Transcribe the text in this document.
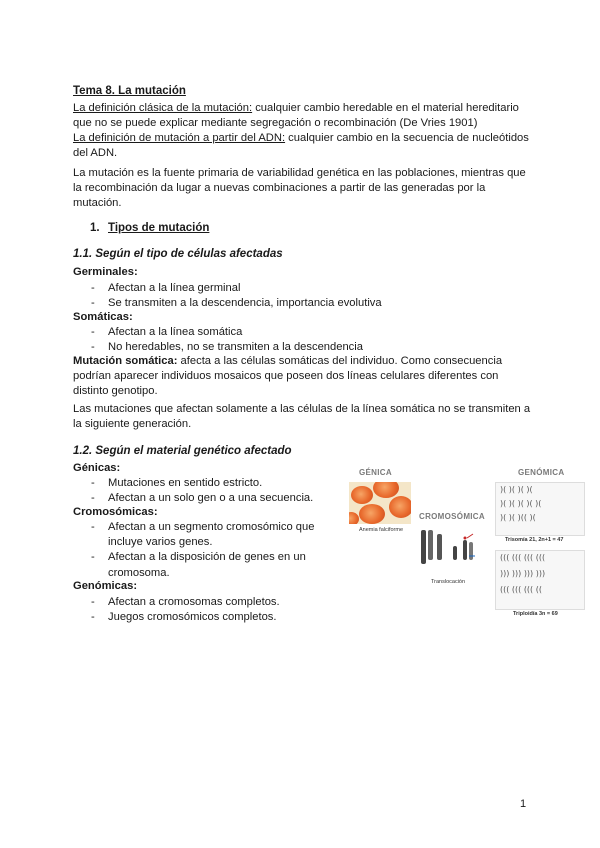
Tema 8. La mutación

La definición clásica de la mutación: cualquier cambio heredable en el material hereditario que no se puede explicar mediante segregación o recombinación (De Vries 1901)

La definición de mutación a partir del ADN: cualquier cambio en la secuencia de nucleótidos del ADN.

La mutación es la fuente primaria de variabilidad genética en las poblaciones, mientras que la recombinación da lugar a nuevas combinaciones a partir de las generadas por la mutación.

1. Tipos de mutación
1.1. Según el tipo de células afectadas
Germinales:
- Afectan a la línea germinal
- Se transmiten a la descendencia, importancia evolutiva
Somáticas:
- Afectan a la línea somática
- No heredables, no se transmiten a la descendencia

Mutación somática: afecta a las células somáticas del individuo. Como consecuencia podrían aparecer individuos mosaicos que poseen dos líneas celulares diferentes con distinto genotipo.

Las mutaciones que afectan solamente a las células de la línea somática no se transmiten a la siguiente generación.

1.2. Según el material genético afectado
Génicas:
- Mutaciones en sentido estricto.
- Afectan a un solo gen o a una secuencia.
Cromosómicas:
- Afectan a un segmento cromosómico que incluye varios genes.
- Afectan a la disposición de genes en un cromosoma.
Genómicas:
- Afectan a cromosomas completos.
- Juegos cromosómicos completos.
GÉNICA
Anemia falciforme
CROMOSÓMICA
Translocación
GENÓMICA
)( )( )( )(
)( )( )( )( )(
)( )( )(( )(
Trisomía 21, 2n+1 = 47
((( ((( ((( (((
))) ))) ))) )))
((( ((( ((( ((
Triploidía 3n = 69
1
